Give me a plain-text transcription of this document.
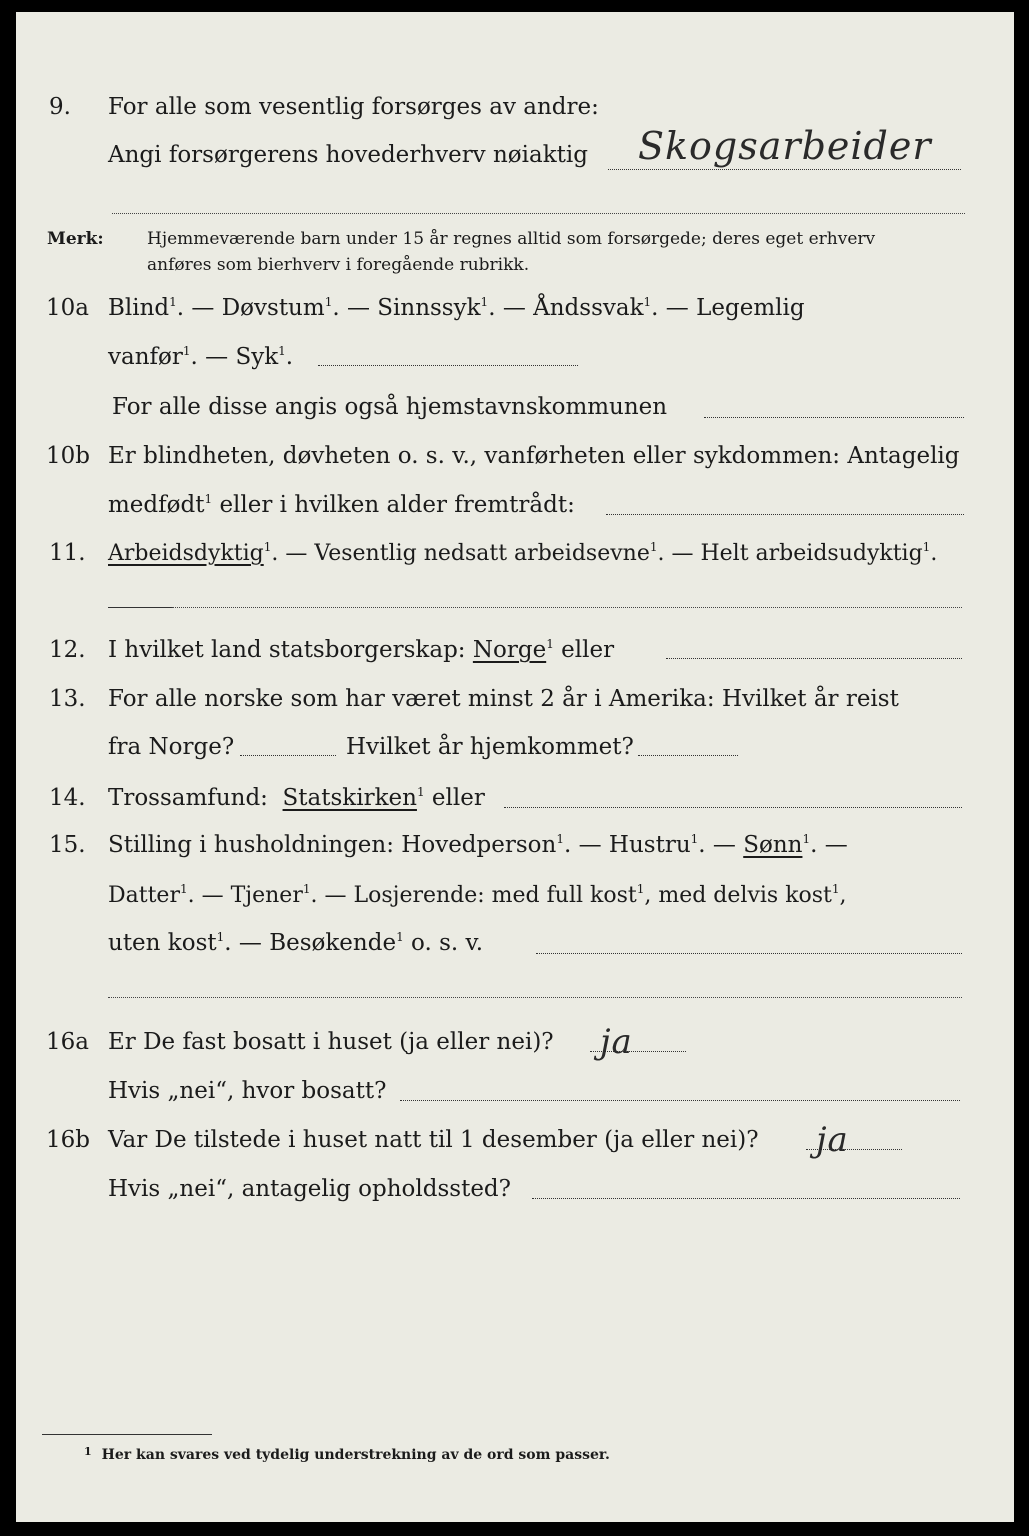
9. For alle som vesentlig forsørges av andre:
Angi forsørgerens hovederhverv nøiaktig Skogsarbeider
Merk:	Hjemmeværende barn under 15 år regnes alltid som forsørgede; deres eget erhverv
anføres som bierhverv i foregående rubrikk.
10a Blind$^1$. — Døvstum$^1$. — Sinnssyk$^1$. — Åndssvak$^1$. — Legemlig
vanfør$^1$. — Syk$^1$.
For alle disse angis også hjemstavnskommunen
10b Er blindheten, døvheten o. s. v., vanførheten eller sykdommen: Antagelig
medfødt$^1$ eller i hvilken alder fremtrådt:
11. Arbeidsdyktig$^1$. — Vesentlig nedsatt arbeidsevne$^1$. — Helt arbeidsudyktig$^1$.
12. I hvilket land statsborgerskap: Norge$^1$ eller
13. For alle norske som har været minst 2 år i Amerika: Hvilket år reist
fra Norge?	Hvilket år hjemkommet?
14. Trossamfund: Statskirken$^1$ eller
15. Stilling i husholdningen: Hovedperson$^1$. — Hustru$^1$. — Sønn$^1$. —
Datter$^1$. — Tjener$^1$. — Losjerende: med full kost$^1$, med delvis kost$^1$,
uten kost$^1$. — Besøkende$^1$ o. s. v.
16a Er De fast bosatt i huset (ja eller nei)? ja
Hvis „nei“, hvor bosatt?
16b Var De tilstede i huset natt til 1 desember (ja eller nei)? ja
Hvis „nei“, antagelig opholdssted?
$^1$ Her kan svares ved tydelig understrekning av de ord som passer.
